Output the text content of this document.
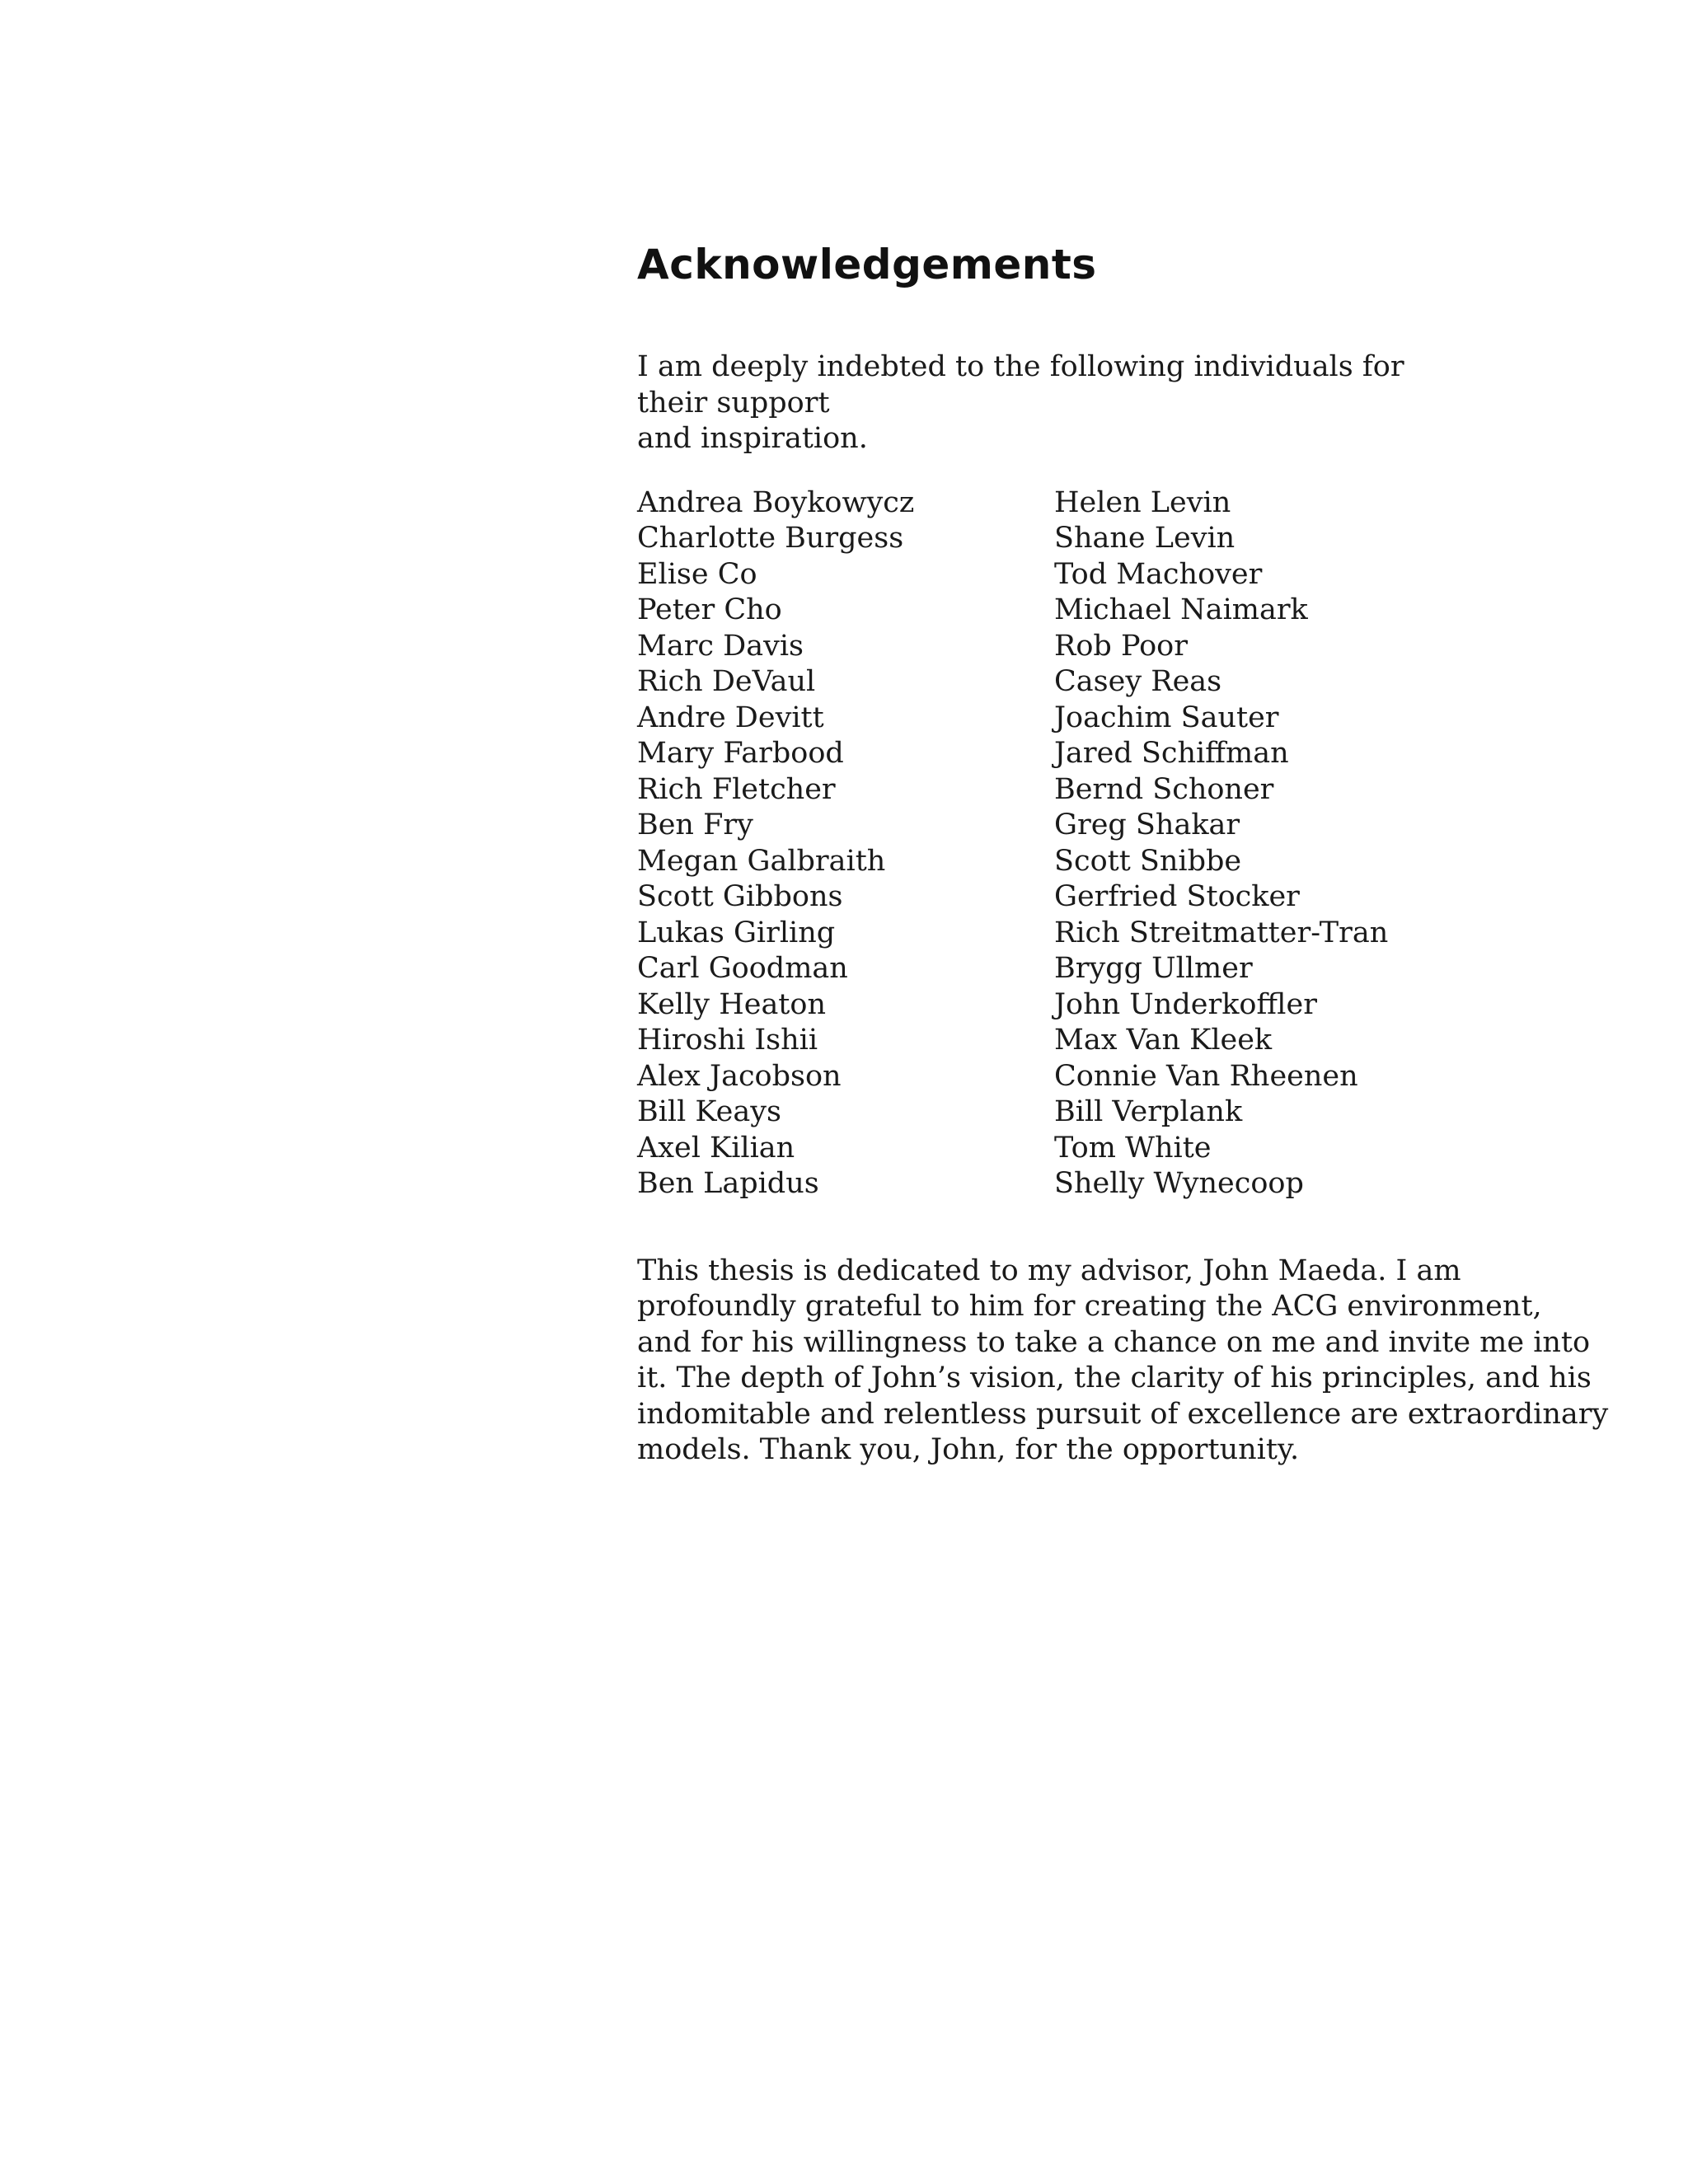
Acknowledgements

I am deeply indebted to the following individuals for their support
and inspiration.

Andrea Boykowycz
Charlotte Burgess
Elise Co
Peter Cho
Marc Davis
Rich DeVaul
Andre Devitt
Mary Farbood
Rich Fletcher
Ben Fry
Megan Galbraith
Scott Gibbons
Lukas Girling
Carl Goodman
Kelly Heaton
Hiroshi Ishii
Alex Jacobson
Bill Keays
Axel Kilian
Ben Lapidus
Helen Levin
Shane Levin
Tod Machover
Michael Naimark
Rob Poor
Casey Reas
Joachim Sauter
Jared Schiffman
Bernd Schoner
Greg Shakar
Scott Snibbe
Gerfried Stocker
Rich Streitmatter-Tran
Brygg Ullmer
John Underkoffler
Max Van Kleek
Connie Van Rheenen
Bill Verplank
Tom White
Shelly Wynecoop

This thesis is dedicated to my advisor, John Maeda. I am
profoundly grateful to him for creating the ACG environment,
and for his willingness to take a chance on me and invite me into
it. The depth of John’s vision, the clarity of his principles, and his
indomitable and relentless pursuit of excellence are extraordinary
models. Thank you, John, for the opportunity.
